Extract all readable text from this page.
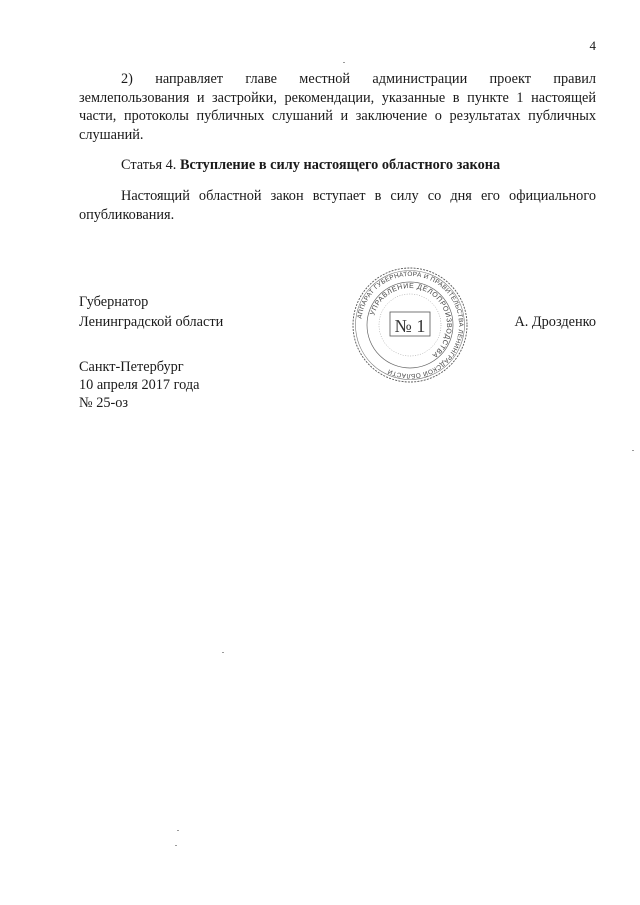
4

2) направляет главе местной администрации проект правил землепользования и застройки, рекомендации, указанные в пункте 1 настоящей части, протоколы публичных слушаний и заключение о результатах публичных слушаний.

Статья 4. Вступление в силу настоящего областного закона

Настоящий областной закон вступает в силу со дня его официального опубликования.

Губернатор
Ленинградской области	А. Дрозденко
АППАРАТ ГУБЕРНАТОРА И ПРАВИТЕЛЬСТВА ЛЕНИНГРАДСКОЙ ОБЛАСТИ
УПРАВЛЕНИЕ ДЕЛОПРОИЗВОДСТВА
№ 1
Санкт-Петербург
10 апреля 2017 года
№ 25-оз
